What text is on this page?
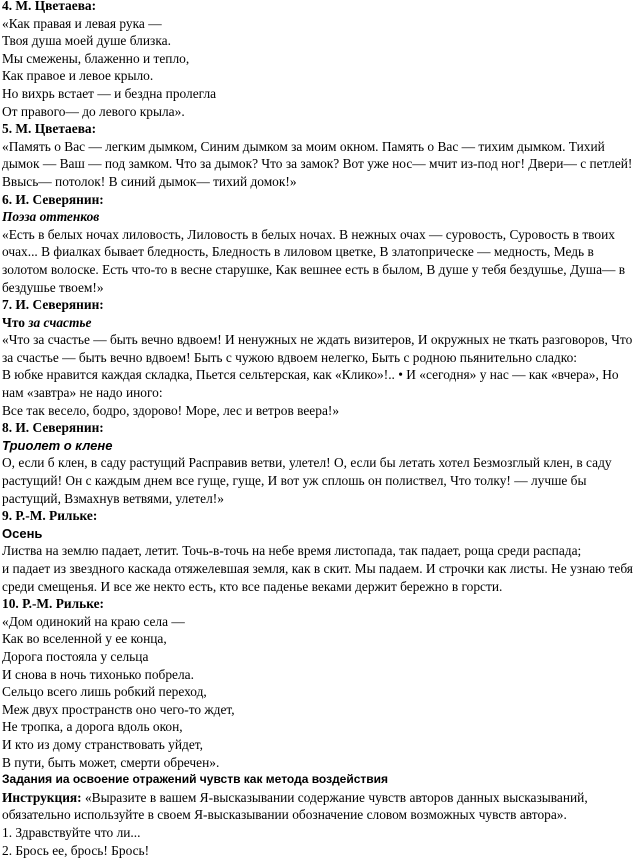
4. М. Цветаева:
«Как правая и левая рука —
Твоя душа моей душе близка.
Мы смежены, блаженно и тепло,
Как правое и левое крыло.
Но вихрь встает — и бездна пролегла
От правого— до левого крыла».
5. М. Цветаева:
«Память о Вас — легким дымком, Синим дымком за моим окном. Память о Вас — тихим дымком. Тихий
дымок — Ваш — под замком. Что за дымок? Что за замок? Вот уже нос— мчит из-под ног! Двери— с петлей!
Ввысь— потолок! В синий дымок— тихий домок!»
6. И. Северянин:
Поэза оттенков
«Есть в белых ночах лиловость, Лиловость в белых ночах. В нежных очах — суровость, Суровость в твоих
очах... В фиалках бывает бледность, Бледность в лиловом цветке, В златоприческе — медность, Медь в
золотом волоске. Есть что-то в весне старушке, Как вешнее есть в былом, В душе у тебя бездушье, Душа— в
бездушье твоем!»
7. И. Северянин:
Что за счастье
«Что за счастье — быть вечно вдвоем! И ненужных не ждать визитеров, И окружных не ткать разговоров, Что
за счастье — быть вечно вдвоем! Быть с чужою вдвоем нелегко, Быть с родною пьянительно сладко:
В юбке нравится каждая складка, Пьется сельтерская, как «Клико»!.. • И «сегодня» у нас — как «вчера», Но
нам «завтра» не надо иного:
Все так весело, бодро, здорово! Море, лес и ветров веера!»
8. И. Северянин:
Триолет о клене
О, если б клен, в саду растущий Расправив ветви, улетел! О, если бы летать хотел Безмозглый клен, в саду
растущий! Он с каждым днем все гуще, гуще, И вот уж сплошь он полиствел, Что толку! — лучше бы
растущий, Взмахнув ветвями, улетел!»
9. Р.-М. Рильке:
Осень
Листва на землю падает, летит. Точь-в-точь на небе время листопада, так падает, роща среди распада;
и падает из звездного каскада отяжелевшая земля, как в скит. Мы падаем. И строчки как листы. Не узнаю тебя
среди смещенья. И все же некто есть, кто все паденье веками держит бережно в горсти.
10. Р.-М. Рильке:
«Дом одинокий на краю села —
Как во вселенной у ее конца,
Дорога постояла у сельца
И снова в ночь тихонько побрела.
Сельцо всего лишь робкий переход,
Меж двух пространств оно чего-то ждет,
Не тропка, а дорога вдоль окон,
И кто из дому странствовать уйдет,
В пути, быть может, смерти обречен».
Задания иа освоение отражений чувств как метода воздействия
Инструкция: «Выразите в вашем Я-высказывании содержание чувств авторов данных высказываний,
обязательно используйте в своем Я-высказывании обозначение словом возможных чувств автора».
1. Здравствуйте что ли...
2. Брось ее, брось! Брось!
